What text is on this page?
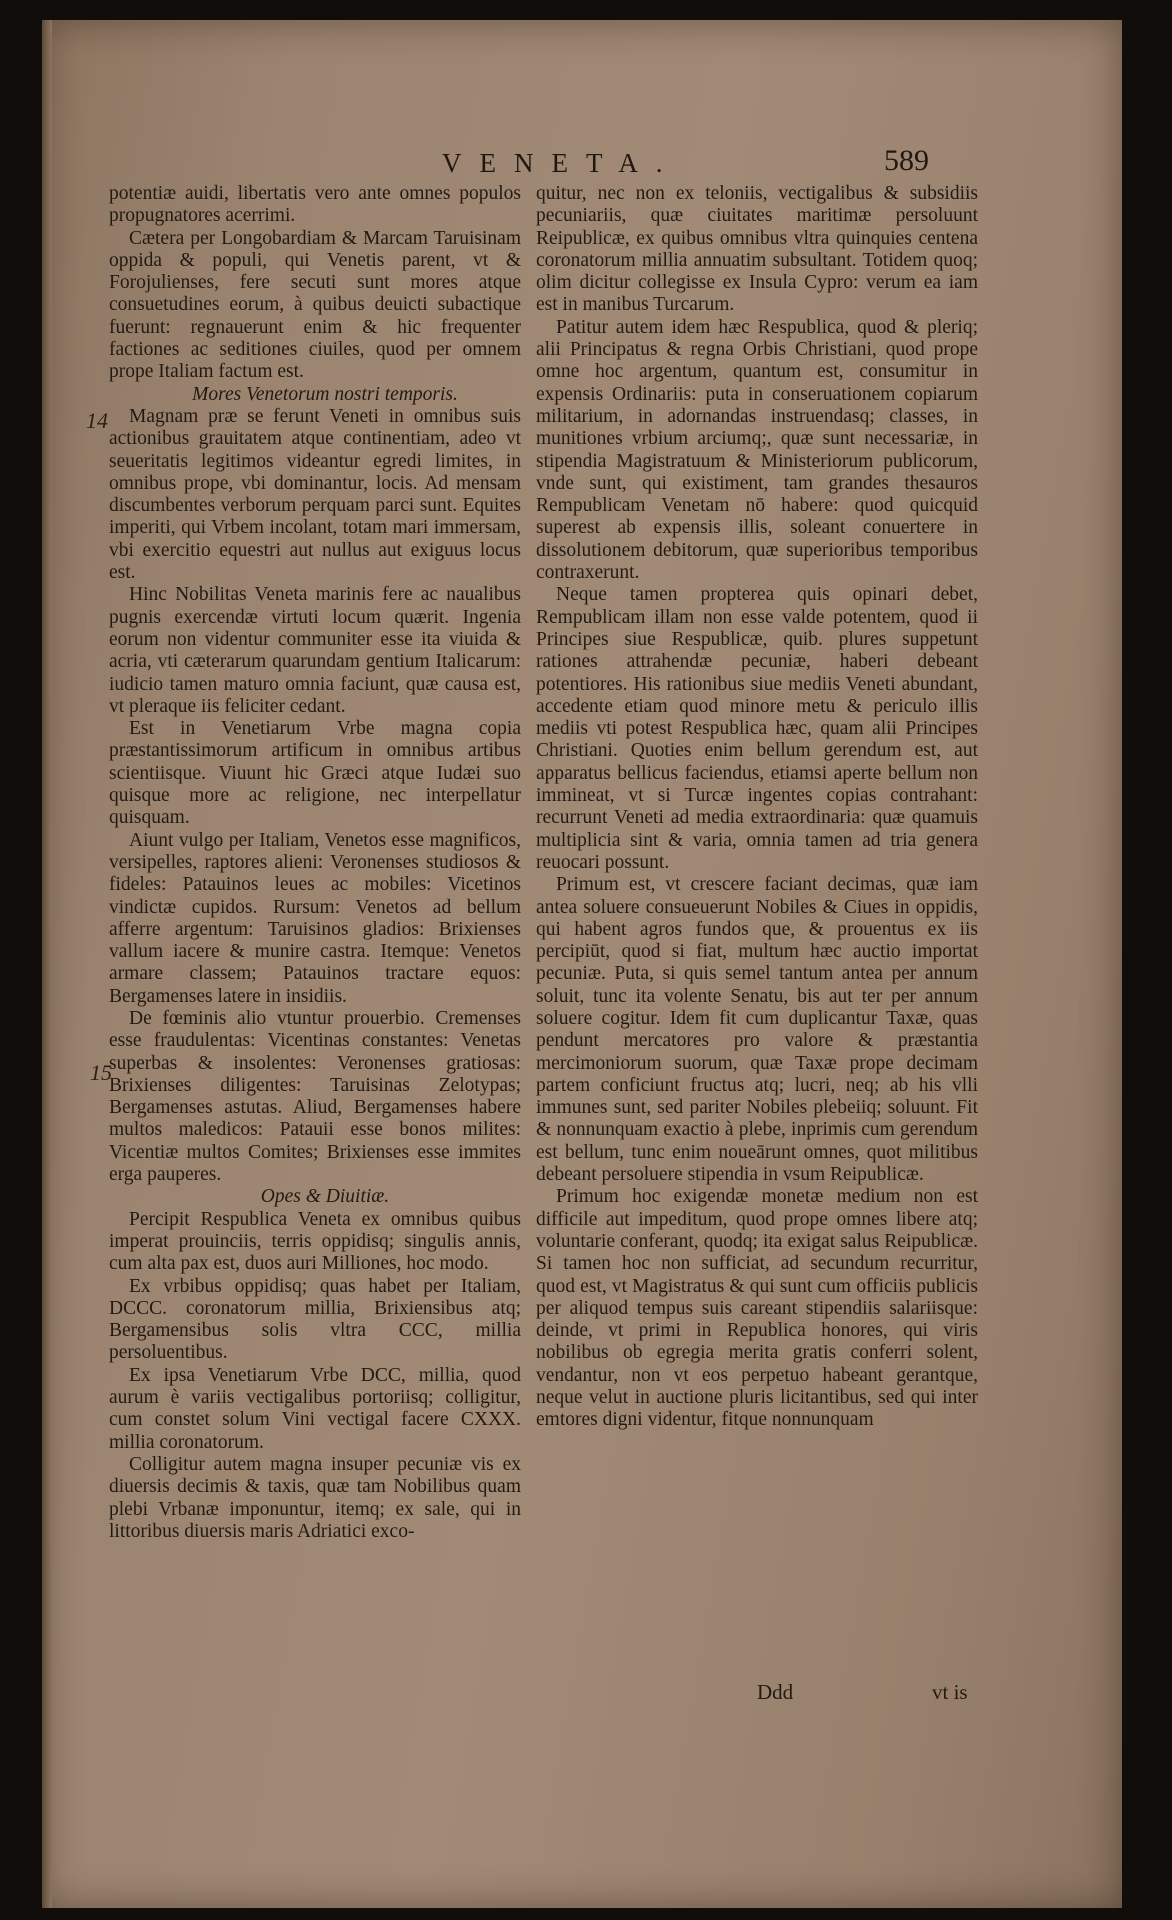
VENETA.	589

potentiæ auidi, libertatis vero ante omnes populos propugnatores acerrimi.

Cætera per Longobardiam & Marcam Taruisinam oppida & populi, qui Venetis parent, vt & Forojulienses, fere secuti sunt mores atque consuetudines eorum, à quibus deuicti subactique fuerunt: regnauerunt enim & hic frequenter factiones ac seditiones ciuiles, quod per omnem prope Italiam factum est.

Mores Venetorum nostri temporis.

Magnam præ se ferunt Veneti in omnibus suis actionibus grauitatem atque continentiam, adeo vt seueritatis legitimos videantur egredi limites, in omnibus prope, vbi dominantur, locis. Ad mensam discumbentes verborum perquam parci sunt. Equites imperiti, qui Vrbem incolant, totam mari immersam, vbi exercitio equestri aut nullus aut exiguus locus est.

Hinc Nobilitas Veneta marinis fere ac naualibus pugnis exercendæ virtuti locum quærit. Ingenia eorum non videntur communiter esse ita viuida & acria, vti cæterarum quarundam gentium Italicarum: iudicio tamen maturo omnia faciunt, quæ causa est, vt pleraque iis feliciter cedant.

Est in Venetiarum Vrbe magna copia præstantissimorum artificum in omnibus artibus scientiisque. Viuunt hic Græci atque Iudæi suo quisque more ac religione, nec interpellatur quisquam.

Aiunt vulgo per Italiam, Venetos esse magnificos, versipelles, raptores alieni: Veronenses studiosos & fideles: Patauinos leues ac mobiles: Vicetinos vindictæ cupidos. Rursum: Venetos ad bellum afferre argentum: Taruisinos gladios: Brixienses vallum iacere & munire castra. Itemque: Venetos armare classem; Patauinos tractare equos: Bergamenses latere in insidiis.

De fœminis alio vtuntur prouerbio. Cremenses esse fraudulentas: Vicentinas constantes: Venetas superbas & insolentes: Veronenses gratiosas: Brixienses diligentes: Taruisinas Zelotypas; Bergamenses astutas. Aliud, Bergamenses habere multos maledicos: Patauii esse bonos milites: Vicentiæ multos Comites; Brixienses esse immites erga pauperes.

Opes & Diuitiæ.

Percipit Respublica Veneta ex omnibus quibus imperat prouinciis, terris oppidisq; singulis annis, cum alta pax est, duos auri Milliones, hoc modo.

Ex vrbibus oppidisq; quas habet per Italiam, DCCC. coronatorum millia, Brixiensibus atq; Bergamensibus solis vltra CCC, millia persoluentibus.

Ex ipsa Venetiarum Vrbe DCC, millia, quod aurum è variis vectigalibus portoriisq; colligitur, cum constet solum Vini vectigal facere CXXX. millia coronatorum.

Colligitur autem magna insuper pecuniæ vis ex diuersis decimis & taxis, quæ tam Nobilibus quam plebi Vrbanæ imponuntur, itemq; ex sale, qui in littoribus diuersis maris Adriatici exco-

14
15

quitur, nec non ex teloniis, vectigalibus & subsidiis pecuniariis, quæ ciuitates maritimæ persoluunt Reipublicæ, ex quibus omnibus vltra quinquies centena coronatorum millia annuatim subsultant. Totidem quoq; olim dicitur collegisse ex Insula Cypro: verum ea iam est in manibus Turcarum.

Patitur autem idem hæc Respublica, quod & pleriq; alii Principatus & regna Orbis Christiani, quod prope omne hoc argentum, quantum est, consumitur in expensis Ordinariis: puta in conseruationem copiarum militarium, in adornandas instruendasq; classes, in munitiones vrbium arciumq;, quæ sunt necessariæ, in stipendia Magistratuum & Ministeriorum publicorum, vnde sunt, qui existiment, tam grandes thesauros Rempublicam Venetam nō habere: quod quicquid superest ab expensis illis, soleant conuertere in dissolutionem debitorum, quæ superioribus temporibus contraxerunt.

Neque tamen propterea quis opinari debet, Rempublicam illam non esse valde potentem, quod ii Principes siue Respublicæ, quib. plures suppetunt rationes attrahendæ pecuniæ, haberi debeant potentiores. His rationibus siue mediis Veneti abundant, accedente etiam quod minore metu & periculo illis mediis vti potest Respublica hæc, quam alii Principes Christiani. Quoties enim bellum gerendum est, aut apparatus bellicus faciendus, etiamsi aperte bellum non immineat, vt si Turcæ ingentes copias contrahant: recurrunt Veneti ad media extraordinaria: quæ quamuis multiplicia sint & varia, omnia tamen ad tria genera reuocari possunt.

Primum est, vt crescere faciant decimas, quæ iam antea soluere consueuerunt Nobiles & Ciues in oppidis, qui habent agros fundos que, & prouentus ex iis percipiūt, quod si fiat, multum hæc auctio importat pecuniæ. Puta, si quis semel tantum antea per annum soluit, tunc ita volente Senatu, bis aut ter per annum soluere cogitur. Idem fit cum duplicantur Taxæ, quas pendunt mercatores pro valore & præstantia mercimoniorum suorum, quæ Taxæ prope decimam partem conficiunt fructus atq; lucri, neq; ab his vlli immunes sunt, sed pariter Nobiles plebeiiq; soluunt. Fit & nonnunquam exactio à plebe, inprimis cum gerendum est bellum, tunc enim noueārunt omnes, quot militibus debeant persoluere stipendia in vsum Reipublicæ.

Primum hoc exigendæ monetæ medium non est difficile aut impeditum, quod prope omnes libere atq; voluntarie conferant, quodq; ita exigat salus Reipublicæ. Si tamen hoc non sufficiat, ad secundum recurritur, quod est, vt Magistratus & qui sunt cum officiis publicis per aliquod tempus suis careant stipendiis salariisque: deinde, vt primi in Republica honores, qui viris nobilibus ob egregia merita gratis conferri solent, vendantur, non vt eos perpetuo habeant gerantque, neque velut in auctione pluris licitantibus, sed qui inter emtores digni videntur, fitque nonnunquam

Ddd	vt is
